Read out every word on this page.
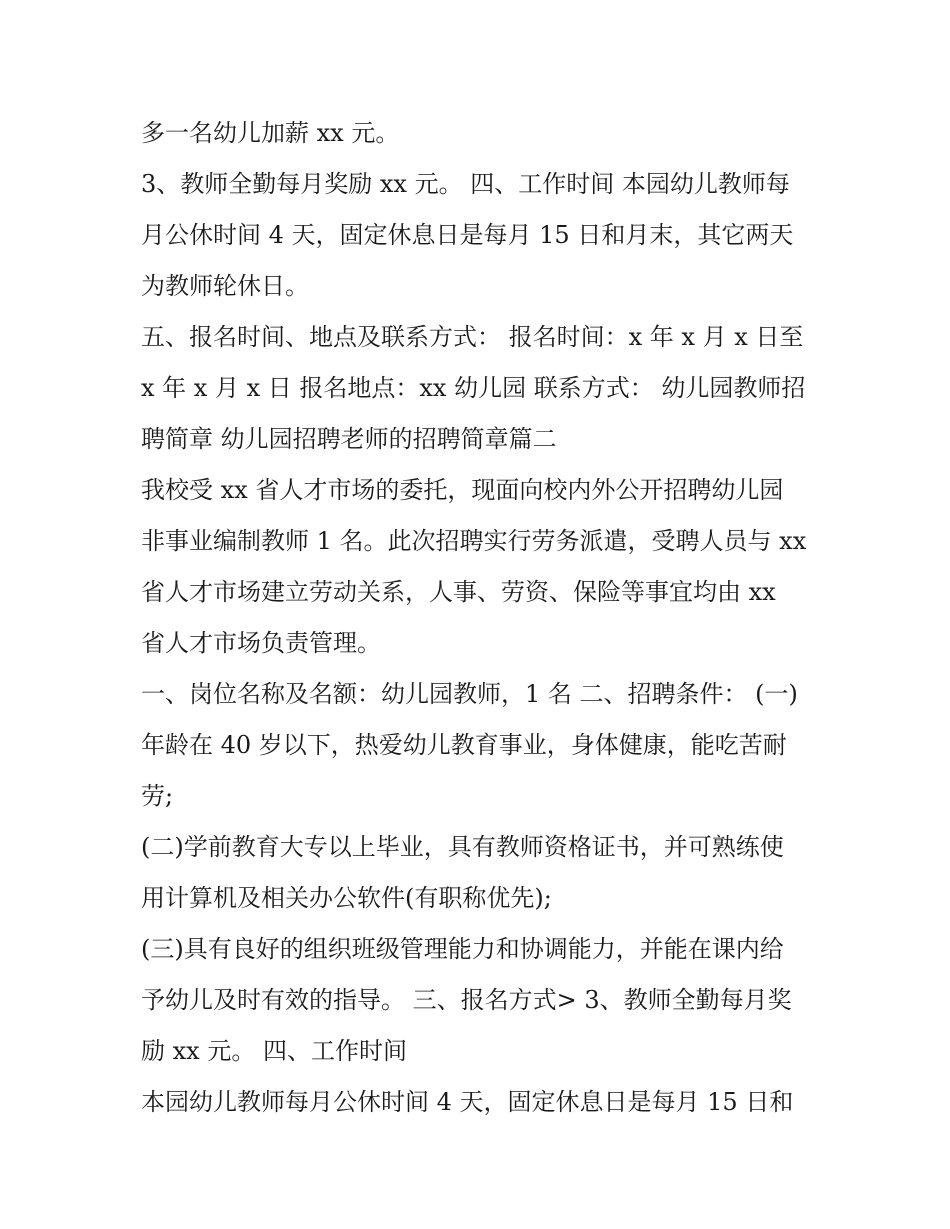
多一名幼儿加薪 xx 元。
3、教师全勤每月奖励 xx 元。 四、工作时间 本园幼儿教师每
月公休时间 4 天，固定休息日是每月 15 日和月末，其它两天
为教师轮休日。
五、报名时间、地点及联系方式： 报名时间：x 年 x 月 x 日至
x 年 x 月 x 日 报名地点：xx 幼儿园 联系方式： 幼儿园教师招
聘简章 幼儿园招聘老师的招聘简章篇二
我校受 xx 省人才市场的委托，现面向校内外公开招聘幼儿园
非事业编制教师 1 名。此次招聘实行劳务派遣，受聘人员与 xx
省人才市场建立劳动关系，人事、劳资、保险等事宜均由 xx
省人才市场负责管理。
一、岗位名称及名额：幼儿园教师，1 名 二、招聘条件： (一)
年龄在 40 岁以下，热爱幼儿教育事业，身体健康，能吃苦耐
劳;
(二)学前教育大专以上毕业，具有教师资格证书，并可熟练使
用计算机及相关办公软件(有职称优先);
(三)具有良好的组织班级管理能力和协调能力，并能在课内给
予幼儿及时有效的指导。 三、报名方式> 3、教师全勤每月奖
励 xx 元。 四、工作时间
本园幼儿教师每月公休时间 4 天，固定休息日是每月 15 日和
